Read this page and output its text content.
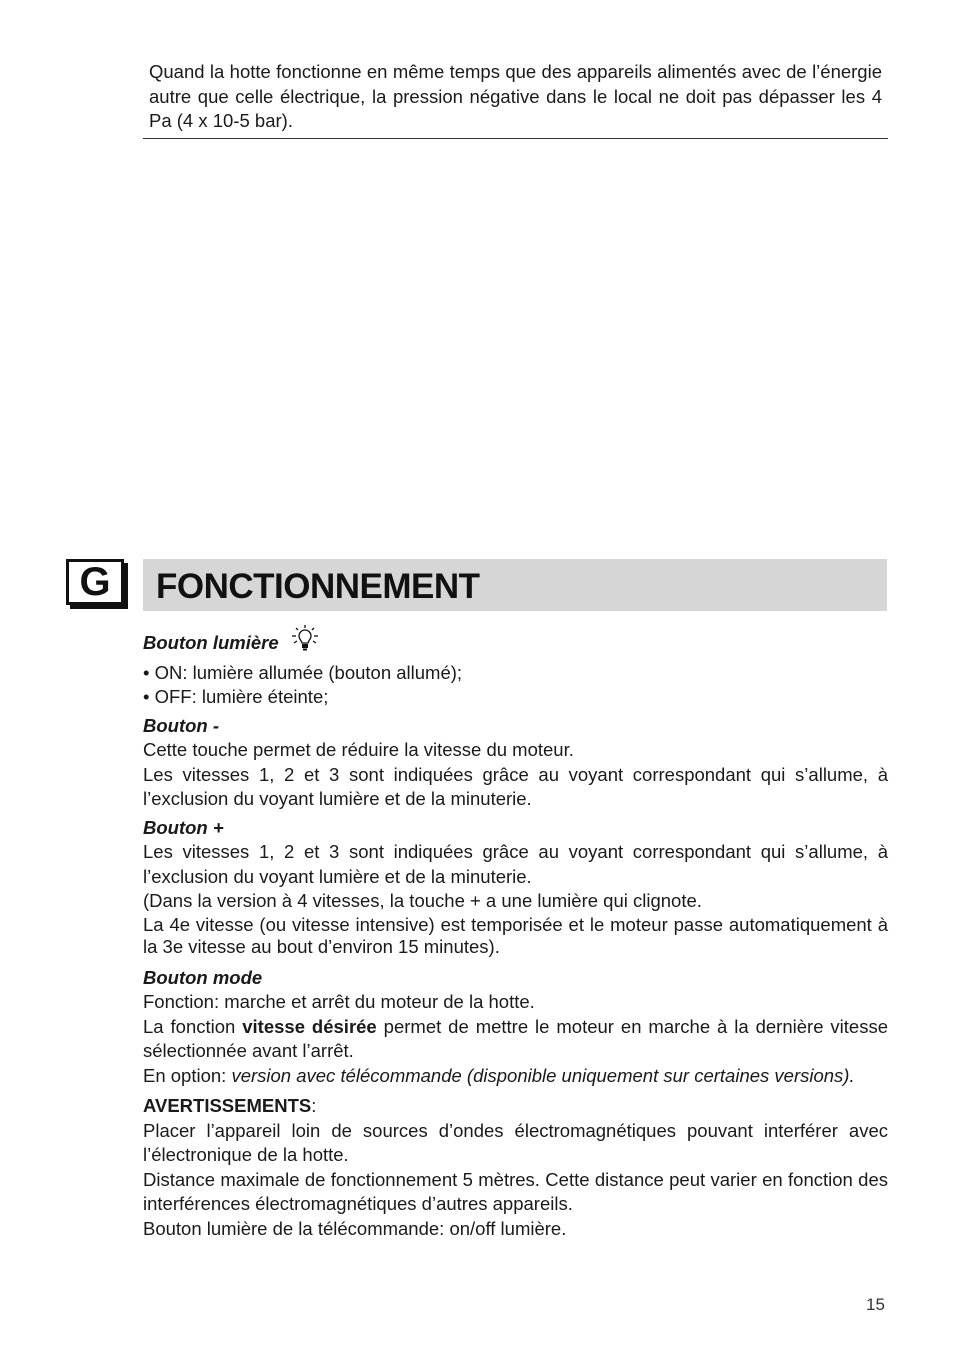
Quand la hotte fonctionne en même temps que des appareils alimentés avec de l’énergie autre que celle électrique, la pression négative dans le local ne doit pas dépasser les 4 Pa (4 x 10-5 bar).

G	FONCTIONNEMENT

Bouton lumière

• ON: lumière allumée (bouton allumé);

• OFF: lumière éteinte;

Bouton -

Cette touche permet de réduire la vitesse du moteur.

Les vitesses 1, 2 et 3 sont indiquées grâce au voyant correspondant qui s’allume, à l’exclusion du voyant lumière et de la minuterie.

Bouton +

Les vitesses 1, 2 et 3 sont indiquées grâce au voyant correspondant qui s’allume, à l’exclusion du voyant lumière et de la minuterie.

(Dans la version à 4 vitesses, la touche + a une lumière qui clignote.

La 4e vitesse (ou vitesse intensive) est temporisée et le moteur passe automatiquement à la 3e vitesse au bout d’environ 15 minutes).

Bouton mode

Fonction: marche et arrêt du moteur de la hotte.

La fonction vitesse désirée permet de mettre le moteur en marche à la dernière vitesse sélectionnée avant l’arrêt.

En option: version avec télécommande (disponible uniquement sur certaines versions).

AVERTISSEMENTS:

Placer l’appareil loin de sources d’ondes électromagnétiques pouvant interférer avec l’électronique de la hotte.

Distance maximale de fonctionnement 5 mètres. Cette distance peut varier en fonction des interférences électromagnétiques d’autres appareils.

Bouton lumière de la télécommande: on/off lumière.

15
